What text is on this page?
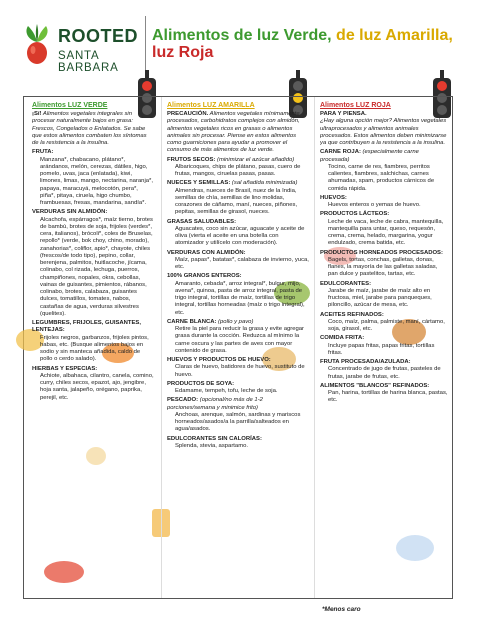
ROOTED
SANTA BARBARA
Alimentos de luz Verde, de luz Amarilla,
luz Roja
Alimentos LUZ VERDE
¡Sí! Alimentos vegetales integrales sin procesar naturalmente bajos en grasa: Frescos, Congelados o Enlatados. Se sabe que estos alimentos combaten los síntomas de la resistencia a la insulina.
FRUTA:
Manzana*, chabacano, plátano*, arándanos, melón, cerezas, dátiles, higo, pomelo, uvas, jaca (enlatada), kiwi, limones, limas, mango, nectarina, naranja*, papaya, maracuyá, melocotón, pera*, piña*, pitaya, ciruela, higo chumbo, frambuesas, fresas, mandarina, sandía*.
VERDURAS SIN ALMIDÓN:
Alcachofa, espárragos*, maíz tierno, brotes de bambú, brotes de soja, frijoles (verdes*, cera, italianos), brócoli*, coles de Bruselas, repollo* (verde, bok choy, chino, morado), zanahorias*, coliflor, apio*, chayote, chiles (frescos/de todo tipo), pepino, collar, berenjena, palmitos, huitlacoche, jícama, colinabo, col rizada, lechuga, puerros, champiñones, nopales, okra, cebollas, vainas de guisantes, pimientos, rábanos, colinabo, brotes, calabaza, guisantes dulces, tomatillos, tomates, nabos, castañas de agua, verduras silvestres (quelites).
LEGUMBRES, FRIJOLES, GUISANTES, LENTEJAS:
Frijoles negros, garbanzos, frijoles pintos, habas, etc. (Busque alimentos bajos en sodio y sin manteca añadida, caldo de pollo o cerdo salado).
HIERBAS Y ESPECIAS:
Achiote, albahaca, cilantro, canela, comino, curry, chiles secos, epazot, ajo, jengibre, hoja santa, jalapeño, orégano, paprika, perejil, etc.
Alimentos LUZ AMARILLA
PRECAUCIÓN. Alimentos vegetales mínimamente procesados, carbohidratos complejos con almidón, alimentos vegetales ricos en grasas o alimentos animales sin procesar. Piense en estos alimentos como guarniciones para ayudar a promover el consumo de más alimentos de luz verde.
FRUTOS SECOS: (minimizar el azúcar añadido)
Albaricoques, chips de plátano, pasas, cuero de frutas, mangos, ciruelas pasas, pasas.
NUECES Y SEMILLAS: (sal añadida minimizada)
Almendras, nueces de Brasil, nuez de la India, semillas de chía, semillas de lino molidas, corazones de cáñamo, maní, nueces, piñones, pepitas, semillas de girasol, nueces.
GRASAS SALUDABLES:
Aguacates, coco sin azúcar, aguacate y aceite de oliva (vierta el aceite en una botella con atomizador y utilícelo con moderación).
VERDURAS CON ALMIDÓN:
Maíz, papas*, batatas*, calabaza de invierno, yuca, etc.
100% GRANOS ENTEROS:
Amaranto, cebada*, arroz integral*, bulgur, mijo, avena*, quinoa, pasta de arroz integral, pasta de trigo integral, tortillas de maíz, tortillas de trigo integral, tortillas horneadas (maíz o trigo integral), etc.
CARNE BLANCA: (pollo y pavo)
Retire la piel para reducir la grasa y evite agregar grasa durante la cocción. Reduzca al mínimo la carne oscura y las partes de aves con mayor contenido de grasa.
HUEVOS Y PRODUCTOS DE HUEVO:
Claras de huevo, batidores de huevo, sustituto de huevo.
PRODUCTOS DE SOYA:
Edamame, tempeh, tofu, leche de soja.
PESCADO: (opcional/no más de 1-2 porciones/semana y minimice frito)
Anchoas, arenque, salmón, sardinas y mariscos horneados/asados/a la parrilla/salteados en agua/asados.
EDULCORANTES SIN CALORÍAS:
Splenda, stevia, aspartamo.
Alimentos LUZ ROJA
PARA Y PIENSA.
¿Hay alguna opción mejor? Alimentos vegetales ultraprocesados y alimentos animales procesados. Estos alimentos deben minimizarse ya que contribuyen a la resistencia a la insulina.
CARNE ROJA: (especialmente carne procesada)
Tocino, carne de res, fiambres, perritos calientes, fiambres, salchichas, carnes ahumadas, spam, productos cárnicos de comida rápida.
HUEVOS:
Huevos enteros o yemas de huevo.
PRODUCTOS LÁCTEOS:
Leche de vaca, leche de cabra, mantequilla, mantequilla para untar, queso, requesón, crema, crema, helado, margarina, yogur endulzado, crema batida, etc.
PRODUCTOS HORNEADOS PROCESADOS:
Bagels, tortas, conchas, galletas, donas, flanes, la mayoría de las galletas saladas, pan dulce y pastelitos, tartas, etc.
EDULCORANTES:
Jarabe de maíz, jarabe de maíz alto en fructosa, miel, jarabe para panqueques, piloncillo, azúcar de mesa, etc.
ACEITES REFINADOS:
Coco, maíz, palma, palmiste, maní, cártamo, soja, girasol, etc.
COMIDA FRITA:
Incluye papas fritas, papas fritas, tortillas fritas.
FRUTA PROCESADA/AZULADA:
Concentrado de jugo de frutas, pasteles de frutas, jarabe de frutas, etc.
ALIMENTOS "BLANCOS" REFINADOS:
Pan, harina, tortillas de harina blanca, pastas, etc.
*Menos caro
